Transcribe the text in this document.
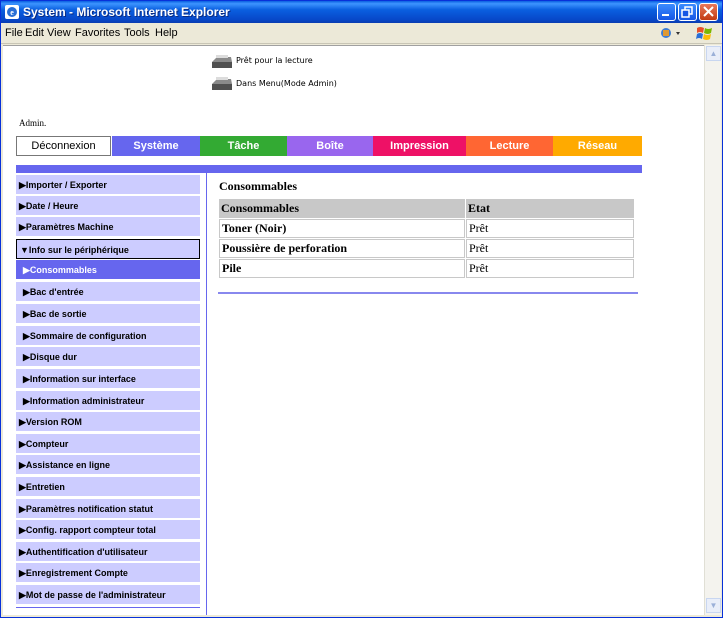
e System - Microsoft Internet Explorer
File Edit View Favorites Tools Help
▲
▼
Prêt pour la lecture
Dans Menu(Mode Admin)
Admin.
Déconnexion	Système	Tâche	Boîte	Impression	Lecture	Réseau
▶Importer / Exporter
▶Date / Heure
▶Paramètres Machine
▼Info sur le périphérique
▶Consommables
▶Bac d'entrée
▶Bac de sortie
▶Sommaire de configuration
▶Disque dur
▶Information sur interface
▶Information administrateur
▶Version ROM
▶Compteur
▶Assistance en ligne
▶Entretien
▶Paramètres notification statut
▶Config. rapport compteur total
▶Authentification d'utilisateur
▶Enregistrement Compte
▶Mot de passe de l'administrateur
Consommables
Consommables	Etat
Toner (Noir)	Prêt
Poussière de perforation	Prêt
Pile	Prêt
